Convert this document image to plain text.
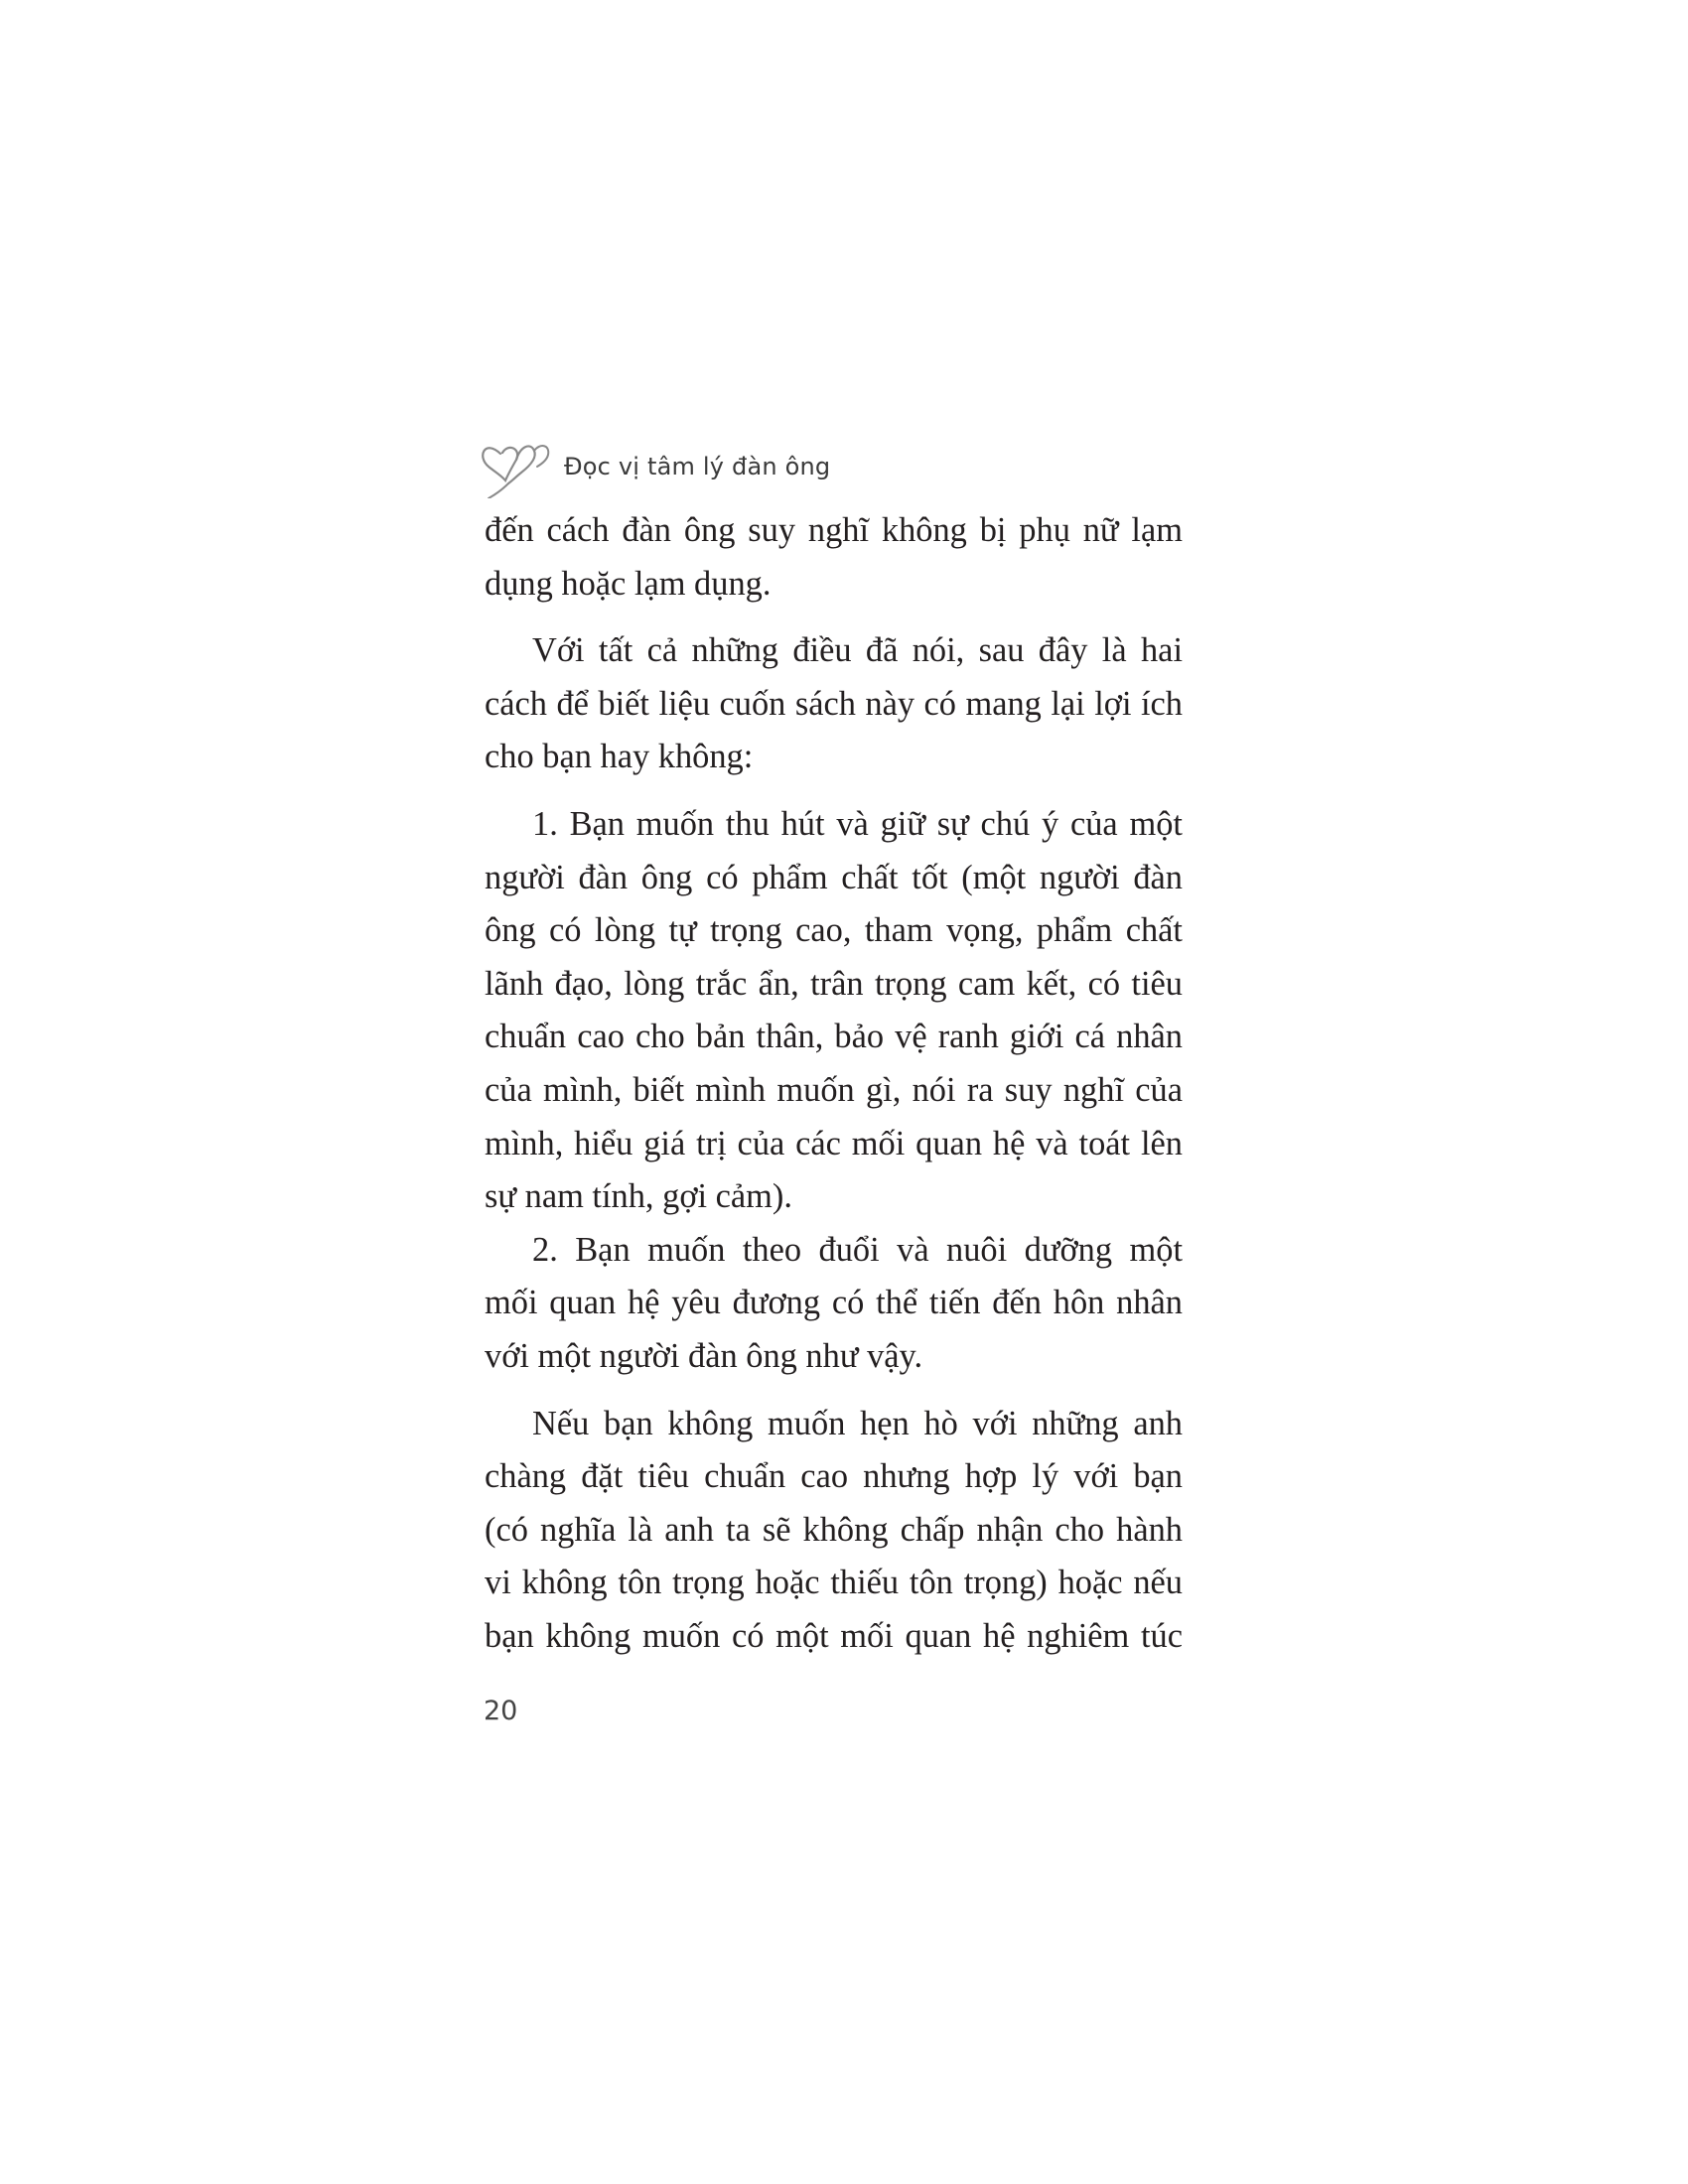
Đọc vị tâm lý đàn ông
đến cách đàn ông suy nghĩ không bị phụ nữ lạm
dụng hoặc lạm dụng.
Với tất cả những điều đã nói, sau đây là hai
cách để biết liệu cuốn sách này có mang lại lợi ích
cho bạn hay không:
1. Bạn muốn thu hút và giữ sự chú ý của một
người đàn ông có phẩm chất tốt (một người đàn
ông có lòng tự trọng cao, tham vọng, phẩm chất
lãnh đạo, lòng trắc ẩn, trân trọng cam kết, có tiêu
chuẩn cao cho bản thân, bảo vệ ranh giới cá nhân
của mình, biết mình muốn gì, nói ra suy nghĩ của
mình, hiểu giá trị của các mối quan hệ và toát lên
sự nam tính, gợi cảm).
2. Bạn muốn theo đuổi và nuôi dưỡng một
mối quan hệ yêu đương có thể tiến đến hôn nhân
với một người đàn ông như vậy.
Nếu bạn không muốn hẹn hò với những anh
chàng đặt tiêu chuẩn cao nhưng hợp lý với bạn
(có nghĩa là anh ta sẽ không chấp nhận cho hành
vi không tôn trọng hoặc thiếu tôn trọng) hoặc nếu
bạn không muốn có một mối quan hệ nghiêm túc
20
